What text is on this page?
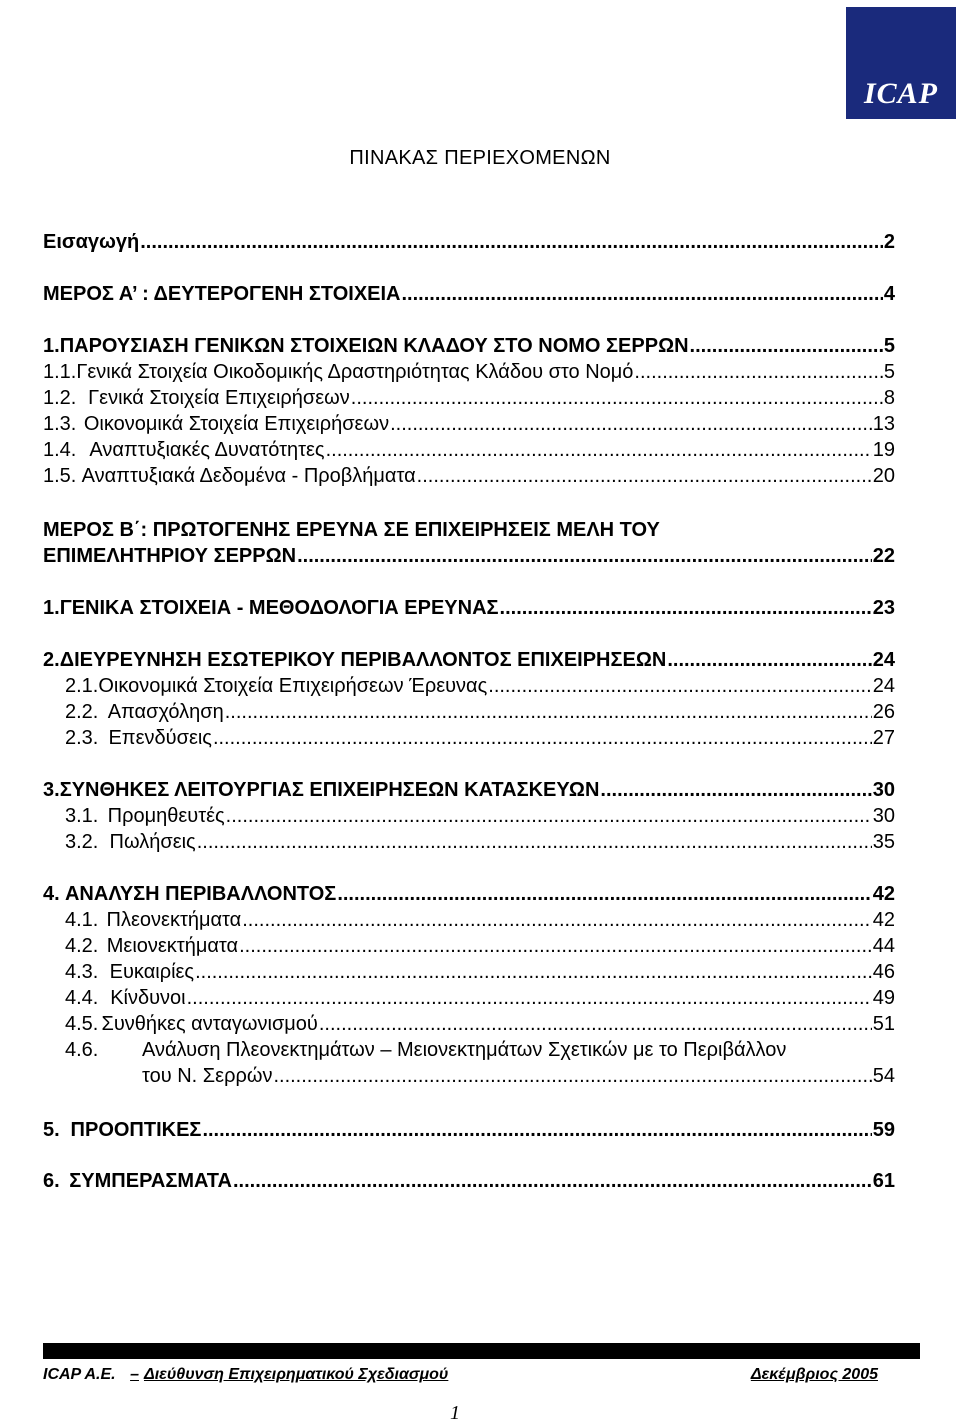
ICAP
ΠΙΝΑΚΑΣ ΠΕΡΙΕΧΟΜΕΝΩΝ
Εισαγωγή .....	2
ΜΕΡΟΣ Α’ : ΔΕΥΤΕΡΟΓΕΝΗ ΣΤΟΙΧΕΙΑ .....	4
1. ΠΑΡΟΥΣΙΑΣΗ ΓΕΝΙΚΩΝ ΣΤΟΙΧΕΙΩΝ ΚΛΑΔΟΥ ΣΤΟ ΝΟΜΟ ΣΕΡΡΩΝ .....	5
1.1. Γενικά Στοιχεία Οικοδομικής Δραστηριότητας Κλάδου στο Νομό .....	5
1.2. Γενικά Στοιχεία Επιχειρήσεων .....	8
1.3. Οικονομικά Στοιχεία Επιχειρήσεων .....	13
1.4. Αναπτυξιακές Δυνατότητες .....	19
1.5. Αναπτυξιακά Δεδομένα - Προβλήματα .....	20
ΜΕΡΟΣ Β΄: ΠΡΩΤΟΓΕΝΗΣ ΕΡΕΥΝΑ ΣΕ ΕΠΙΧΕΙΡΗΣΕΙΣ ΜΕΛΗ ΤΟΥ
ΕΠΙΜΕΛΗΤΗΡΙΟΥ ΣΕΡΡΩΝ .....	22
1. ΓΕΝΙΚΑ ΣΤΟΙΧΕΙΑ - ΜΕΘΟΔΟΛΟΓΙΑ ΕΡΕΥΝΑΣ .....	23
2. ΔΙΕΥΡΕΥΝΗΣΗ ΕΣΩΤΕΡΙΚΟΥ ΠΕΡΙΒΑΛΛΟΝΤΟΣ ΕΠΙΧΕΙΡΗΣΕΩΝ .....	24
2.1. Οικονομικά Στοιχεία Επιχειρήσεων Έρευνας .....	24
2.2. Απασχόληση .....	26
2.3. Επενδύσεις .....	27
3. ΣΥΝΘΗΚΕΣ ΛΕΙΤΟΥΡΓΙΑΣ ΕΠΙΧΕΙΡΗΣΕΩΝ ΚΑΤΑΣΚΕΥΩΝ .....	30
3.1. Προμηθευτές .....	30
3.2. Πωλήσεις .....	35
4. ΑΝΑΛΥΣΗ ΠΕΡΙΒΑΛΛΟΝΤΟΣ .....	42
4.1. Πλεονεκτήματα .....	42
4.2. Μειονεκτήματα .....	44
4.3. Ευκαιρίες .....	46
4.4. Κίνδυνοι .....	49
4.5. Συνθήκες ανταγωνισμού .....	51
4.6. Ανάλυση Πλεονεκτημάτων – Μειονεκτημάτων Σχετικών με το Περιβάλλον
του Ν. Σερρών .....	54
5. ΠΡΟΟΠΤΙΚΕΣ .....	59
6. ΣΥΜΠΕΡΑΣΜΑΤΑ .....	61
ICAP A.E. – Διεύθυνση Επιχειρηματικού Σχεδιασμού	Δεκέμβριος 2005
1
